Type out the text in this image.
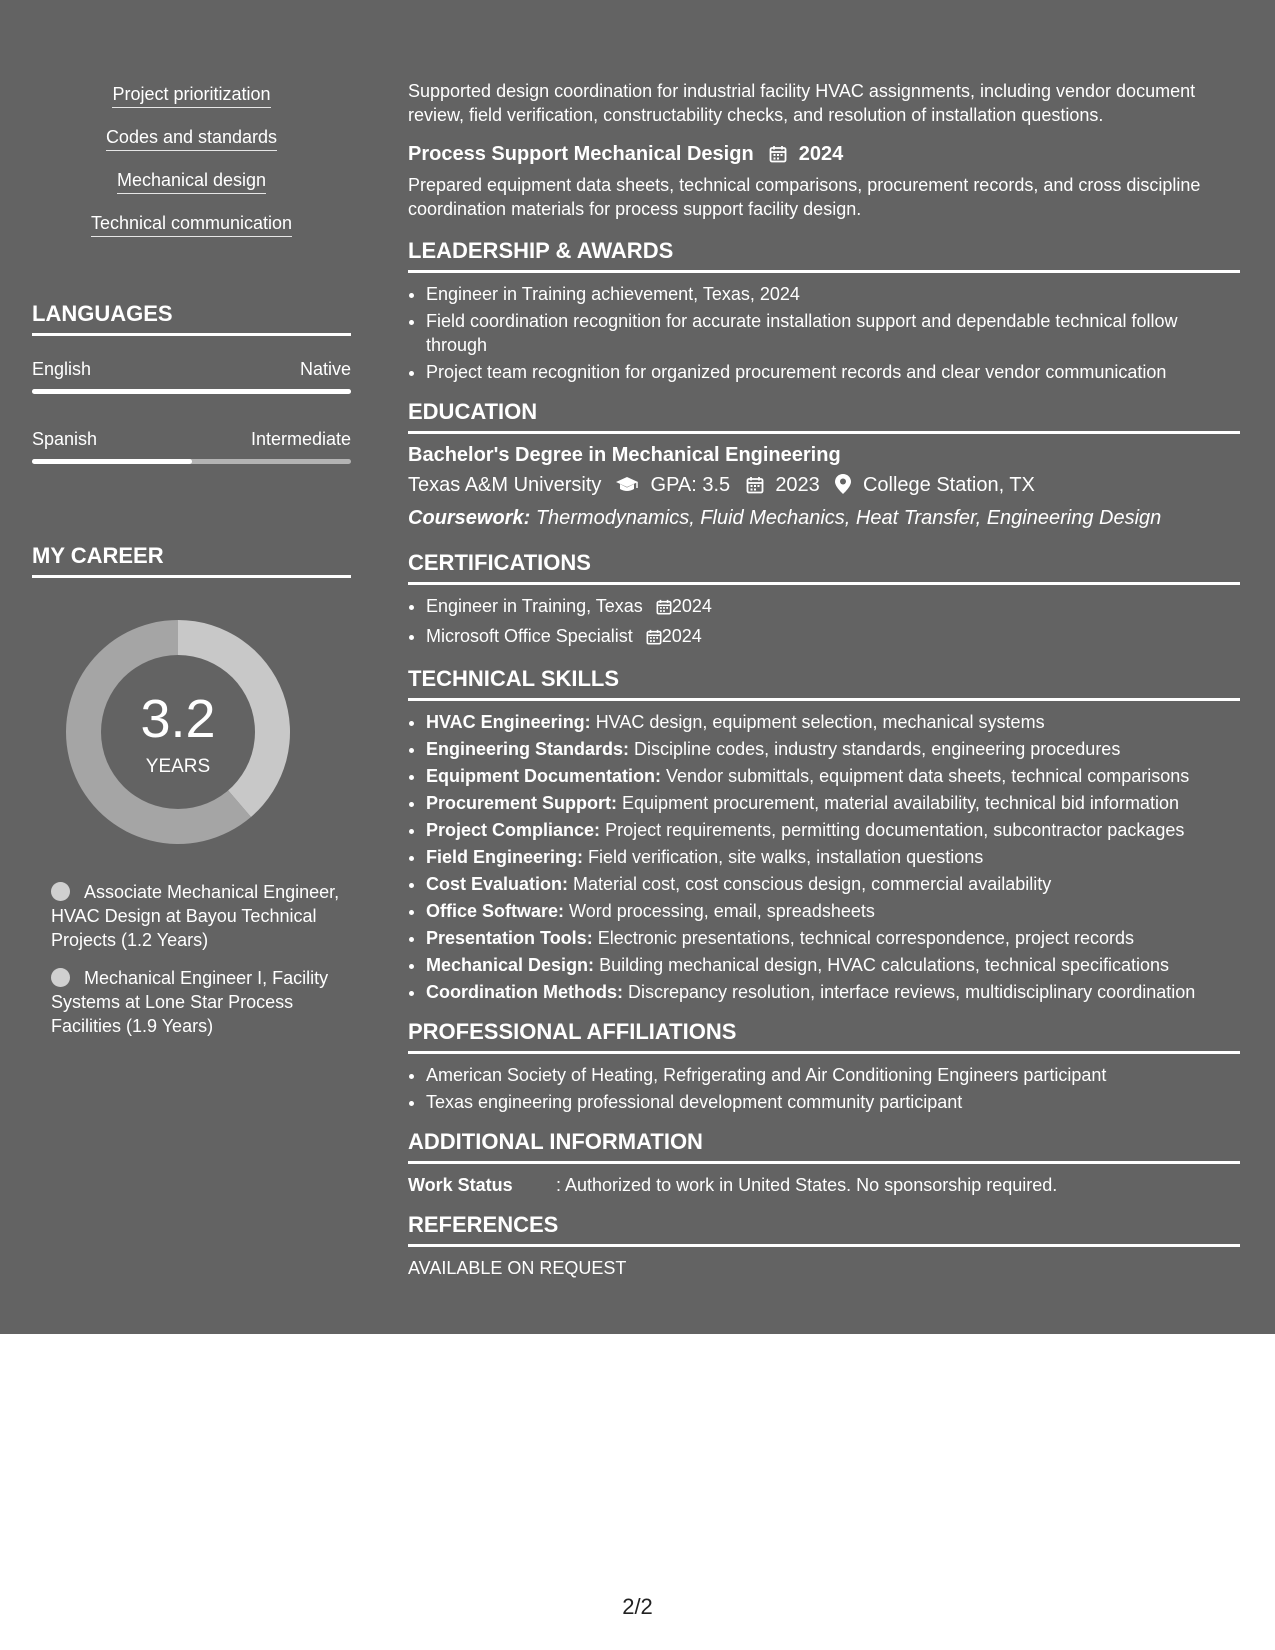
Project prioritization
Codes and standards
Mechanical design
Technical communication
LANGUAGES
English	Native
Spanish	Intermediate
MY CAREER
3.2
YEARS
Associate Mechanical Engineer, HVAC Design at Bayou Technical Projects (1.2 Years)
Mechanical Engineer I, Facility Systems at Lone Star Process Facilities (1.9 Years)

Supported design coordination for industrial facility HVAC assignments, including vendor document review, field verification, constructability checks, and resolution of installation questions.

Process Support Mechanical Design 2024

Prepared equipment data sheets, technical comparisons, procurement records, and cross discipline coordination materials for process support facility design.

LEADERSHIP & AWARDS
• Engineer in Training achievement, Texas, 2024
• Field coordination recognition for accurate installation support and dependable technical follow through
• Project team recognition for organized procurement records and clear vendor communication
EDUCATION
Bachelor's Degree in Mechanical Engineering
Texas A&M University GPA: 3.5 2023 College Station, TX
Coursework: Thermodynamics, Fluid Mechanics, Heat Transfer, Engineering Design
CERTIFICATIONS
• Engineer in Training, Texas 2024
• Microsoft Office Specialist 2024
TECHNICAL SKILLS
• HVAC Engineering: HVAC design, equipment selection, mechanical systems
• Engineering Standards: Discipline codes, industry standards, engineering procedures
• Equipment Documentation: Vendor submittals, equipment data sheets, technical comparisons
• Procurement Support: Equipment procurement, material availability, technical bid information
• Project Compliance: Project requirements, permitting documentation, subcontractor packages
• Field Engineering: Field verification, site walks, installation questions
• Cost Evaluation: Material cost, cost conscious design, commercial availability
• Office Software: Word processing, email, spreadsheets
• Presentation Tools: Electronic presentations, technical correspondence, project records
• Mechanical Design: Building mechanical design, HVAC calculations, technical specifications
• Coordination Methods: Discrepancy resolution, interface reviews, multidisciplinary coordination
PROFESSIONAL AFFILIATIONS
• American Society of Heating, Refrigerating and Air Conditioning Engineers participant
• Texas engineering professional development community participant
ADDITIONAL INFORMATION
Work Status : Authorized to work in United States. No sponsorship required.
REFERENCES
AVAILABLE ON REQUEST
2/2
